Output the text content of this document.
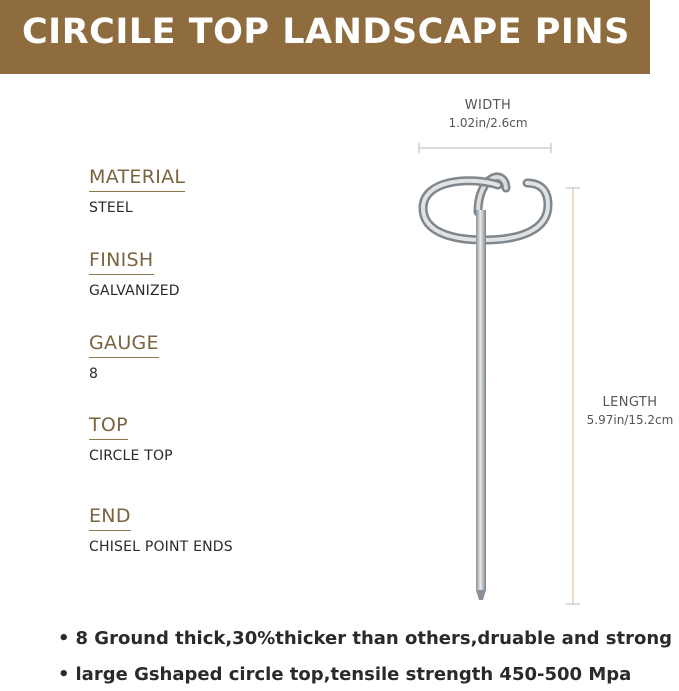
CIRCILE TOP LANDSCAPE PINS
MATERIAL
STEEL
FINISH
GALVANIZED
GAUGE
8
TOP
CIRCLE TOP
END
CHISEL POINT ENDS
WIDTH
1.02in/2.6cm
LENGTH
5.97in/15.2cm
• 8 Ground thick,30%thicker than others,druable and strong
• large Gshaped circle top,tensile strength 450-500 Mpa
